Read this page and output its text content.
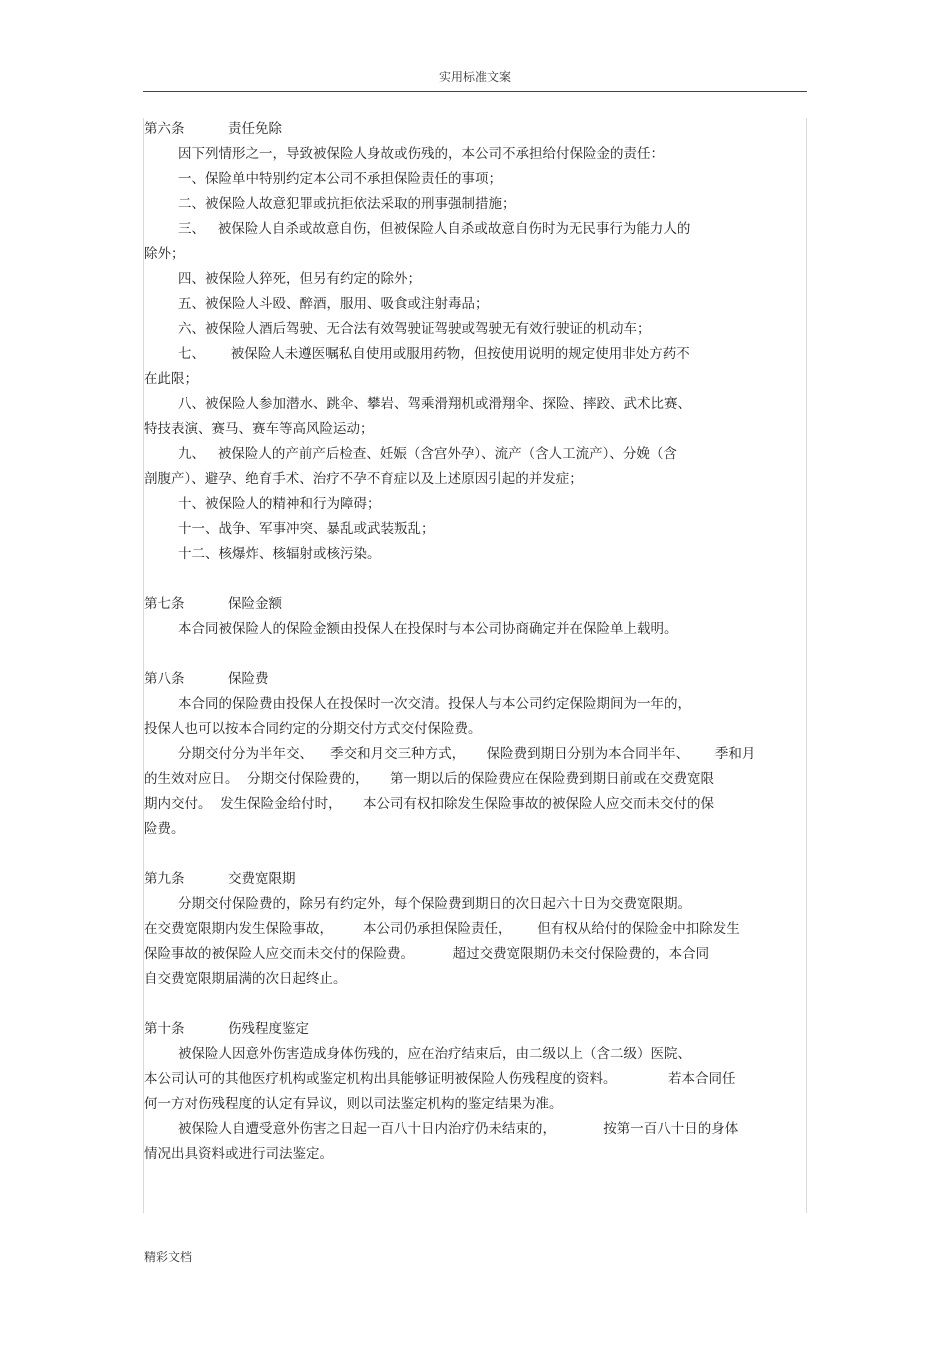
实用标准文案
第六条	责任免除
因下列情形之一，导致被保险人身故或伤残的，本公司不承担给付保险金的责任：
一、保险单中特别约定本公司不承担保险责任的事项；
二、被保险人故意犯罪或抗拒依法采取的刑事强制措施；
三、   被保险人自杀或故意自伤，但被保险人自杀或故意自伤时为无民事行为能力人的
除外；
四、被保险人猝死，但另有约定的除外；
五、被保险人斗殴、醉酒，服用、吸食或注射毒品；
六、被保险人酒后驾驶、无合法有效驾驶证驾驶或驾驶无有效行驶证的机动车；
七、      被保险人未遵医嘱私自使用或服用药物，但按使用说明的规定使用非处方药不
在此限；
八、被保险人参加潜水、跳伞、攀岩、驾乘滑翔机或滑翔伞、探险、摔跤、武术比赛、
特技表演、赛马、赛车等高风险运动；
九、   被保险人的产前产后检查、妊娠（含宫外孕）、流产（含人工流产）、分娩（含
剖腹产）、避孕、绝育手术、治疗不孕不育症以及上述原因引起的并发症；
十、被保险人的精神和行为障碍；
十一、战争、军事冲突、暴乱或武装叛乱；
十二、核爆炸、核辐射或核污染。
第七条	保险金额
本合同被保险人的保险金额由投保人在投保时与本公司协商确定并在保险单上载明。
第八条	保险费
本合同的保险费由投保人在投保时一次交清。投保人与本公司约定保险期间为一年的，
投保人也可以按本合同约定的分期交付方式交付保险费。
分期交付分为半年交、    季交和月交三种方式，     保险费到期日分别为本合同半年、      季和月
的生效对应日。  分期交付保险费的，     第一期以后的保险费应在保险费到期日前或在交费宽限
期内交付。  发生保险金给付时，     本公司有权扣除发生保险事故的被保险人应交而未交付的保
险费。
第九条	交费宽限期
分期交付保险费的，除另有约定外，每个保险费到期日的次日起六十日为交费宽限期。
在交费宽限期内发生保险事故，       本公司仍承担保险责任，      但有权从给付的保险金中扣除发生
保险事故的被保险人应交而未交付的保险费。         超过交费宽限期仍未交付保险费的，本合同
自交费宽限期届满的次日起终止。
第十条	伤残程度鉴定
被保险人因意外伤害造成身体伤残的，应在治疗结束后，由二级以上（含二级）医院、
本公司认可的其他医疗机构或鉴定机构出具能够证明被保险人伤残程度的资料。            若本合同任
何一方对伤残程度的认定有异议，则以司法鉴定机构的鉴定结果为准。
被保险人自遭受意外伤害之日起一百八十日内治疗仍未结束的，           按第一百八十日的身体
情况出具资料或进行司法鉴定。
精彩文档
